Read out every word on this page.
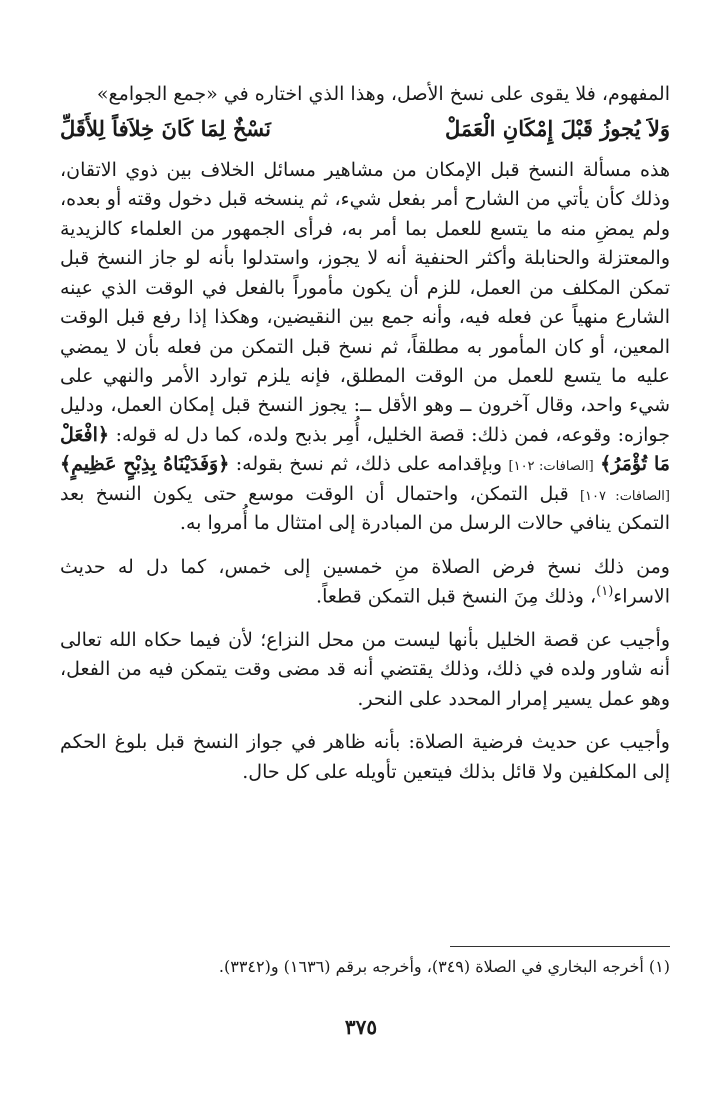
المفهوم، فلا يقوى على نسخ الأصل، وهذا الذي اختاره في «جمع الجوامع»

وَلاَ يُجوزُ قَبْلَ إِمْكَانِ الْعَمَلْ
نَسْخٌ لِمَا كَانَ خِلاَفاً لِلأَقَلِّ

هذه مسألة النسخ قبل الإمكان من مشاهير مسائل الخلاف بين ذوي الاتقان، وذلك كأن يأتي من الشارح أمر بفعل شيء، ثم ينسخه قبل دخول وقته أو بعده، ولم يمضِ منه ما يتسع للعمل بما أمر به، فرأى الجمهور من العلماء كالزيدية والمعتزلة والحنابلة وأكثر الحنفية أنه لا يجوز، واستدلوا بأنه لو جاز النسخ قبل تمكن المكلف من العمل، للزم أن يكون مأموراً بالفعل في الوقت الذي عينه الشارع منهياً عن فعله فيه، وأنه جمع بين النقيضين، وهكذا إذا رفع قبل الوقت المعين، أو كان المأمور به مطلقاً، ثم نسخ قبل التمكن من فعله بأن لا يمضي عليه ما يتسع للعمل من الوقت المطلق، فإنه يلزم توارد الأمر والنهي على شيء واحد، وقال آخرون ــ وهو الأقل ــ: يجوز النسخ قبل إمكان العمل، ودليل جوازه: وقوعه، فمن ذلك: قصة الخليل، أُمِر بذبح ولده، كما دل له قوله: ﴿افْعَلْ مَا تُؤْمَرُ﴾ [الصافات: ١٠٢] وبإقدامه على ذلك، ثم نسخ بقوله: ﴿وَفَدَيْنَاهُ بِذِبْحٍ عَظِيمٍ﴾ [الصافات: ١٠٧] قبل التمكن، واحتمال أن الوقت موسع حتى يكون النسخ بعد التمكن ينافي حالات الرسل من المبادرة إلى امتثال ما أُمروا به.

ومن ذلك نسخ فرض الصلاة منِ خمسين إلى خمس، كما دل له حديث الاسراء$^{(١)}$، وذلك مِنَ النسخ قبل التمكن قطعاً.

وأجيب عن قصة الخليل بأنها ليست من محل النزاع؛ لأن فيما حكاه الله تعالى أنه شاور ولده في ذلك، وذلك يقتضي أنه قد مضى وقت يتمكن فيه من الفعل، وهو عمل يسير إمرار المحدد على النحر.

وأجيب عن حديث فرضية الصلاة: بأنه ظاهر في جواز النسخ قبل بلوغ الحكم إلى المكلفين ولا قائل بذلك فيتعين تأويله على كل حال.

(١) أخرجه البخاري في الصلاة (٣٤٩)، وأخرجه برقم (١٦٣٦) و(٣٣٤٢).
٣٧٥
